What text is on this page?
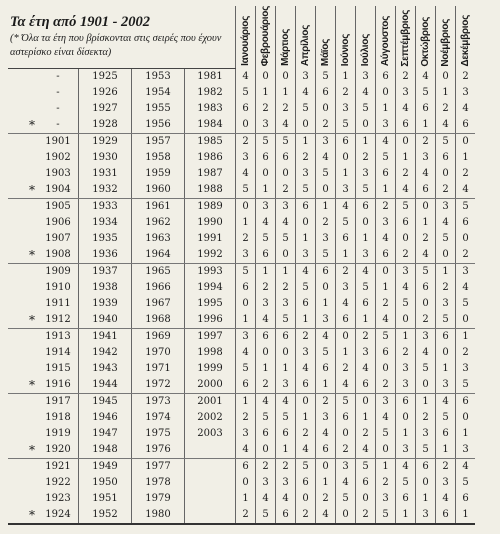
Τα έτη από 1901 - 2002
(* Όλα τα έτη που βρίσκονται στις σειρές που έχουν αστερίσκο είναι δίσεκτα)

					Ιανουάριος	Φεβρουάριος	Μάρτιος	Απρίλιος	Μάϊος	Ιούνιος	Ιούλιος	Αύγουστος	Σεπτέμβριος	Οκτώβριος	Νοέμβριος	Δεκέμβριος

	-	1925	1953	1981	4	0	0	3	5	1	3	6	2	4	0	2
	-	1926	1954	1982	5	1	1	4	6	2	4	0	3	5	1	3
	-	1927	1955	1983	6	2	2	5	0	3	5	1	4	6	2	4
*	-	1928	1956	1984	0	3	4	0	2	5	0	3	6	1	4	6
	1901	1929	1957	1985	2	5	5	1	3	6	1	4	0	2	5	0
	1902	1930	1958	1986	3	6	6	2	4	0	2	5	1	3	6	1
	1903	1931	1959	1987	4	0	0	3	5	1	3	6	2	4	0	2
*	1904	1932	1960	1988	5	1	2	5	0	3	5	1	4	6	2	4
	1905	1933	1961	1989	0	3	3	6	1	4	6	2	5	0	3	5
	1906	1934	1962	1990	1	4	4	0	2	5	0	3	6	1	4	6
	1907	1935	1963	1991	2	5	5	1	3	6	1	4	0	2	5	0
*	1908	1936	1964	1992	3	6	0	3	5	1	3	6	2	4	0	2
	1909	1937	1965	1993	5	1	1	4	6	2	4	0	3	5	1	3
	1910	1938	1966	1994	6	2	2	5	0	3	5	1	4	6	2	4
	1911	1939	1967	1995	0	3	3	6	1	4	6	2	5	0	3	5
*	1912	1940	1968	1996	1	4	5	1	3	6	1	4	0	2	5	0
	1913	1941	1969	1997	3	6	6	2	4	0	2	5	1	3	6	1
	1914	1942	1970	1998	4	0	0	3	5	1	3	6	2	4	0	2
	1915	1943	1971	1999	5	1	1	4	6	2	4	0	3	5	1	3
*	1916	1944	1972	2000	6	2	3	6	1	4	6	2	3	0	3	5
	1917	1945	1973	2001	1	4	4	0	2	5	0	3	6	1	4	6
	1918	1946	1974	2002	2	5	5	1	3	6	1	4	0	2	5	0
	1919	1947	1975	2003	3	6	6	2	4	0	2	5	1	3	6	1
*	1920	1948	1976		4	0	1	4	6	2	4	0	3	5	1	3
	1921	1949	1977		6	2	2	5	0	3	5	1	4	6	2	4
	1922	1950	1978		0	3	3	6	1	4	6	2	5	0	3	5
	1923	1951	1979		1	4	4	0	2	5	0	3	6	1	4	6
*	1924	1952	1980		2	5	6	2	4	0	2	5	1	3	6	1
